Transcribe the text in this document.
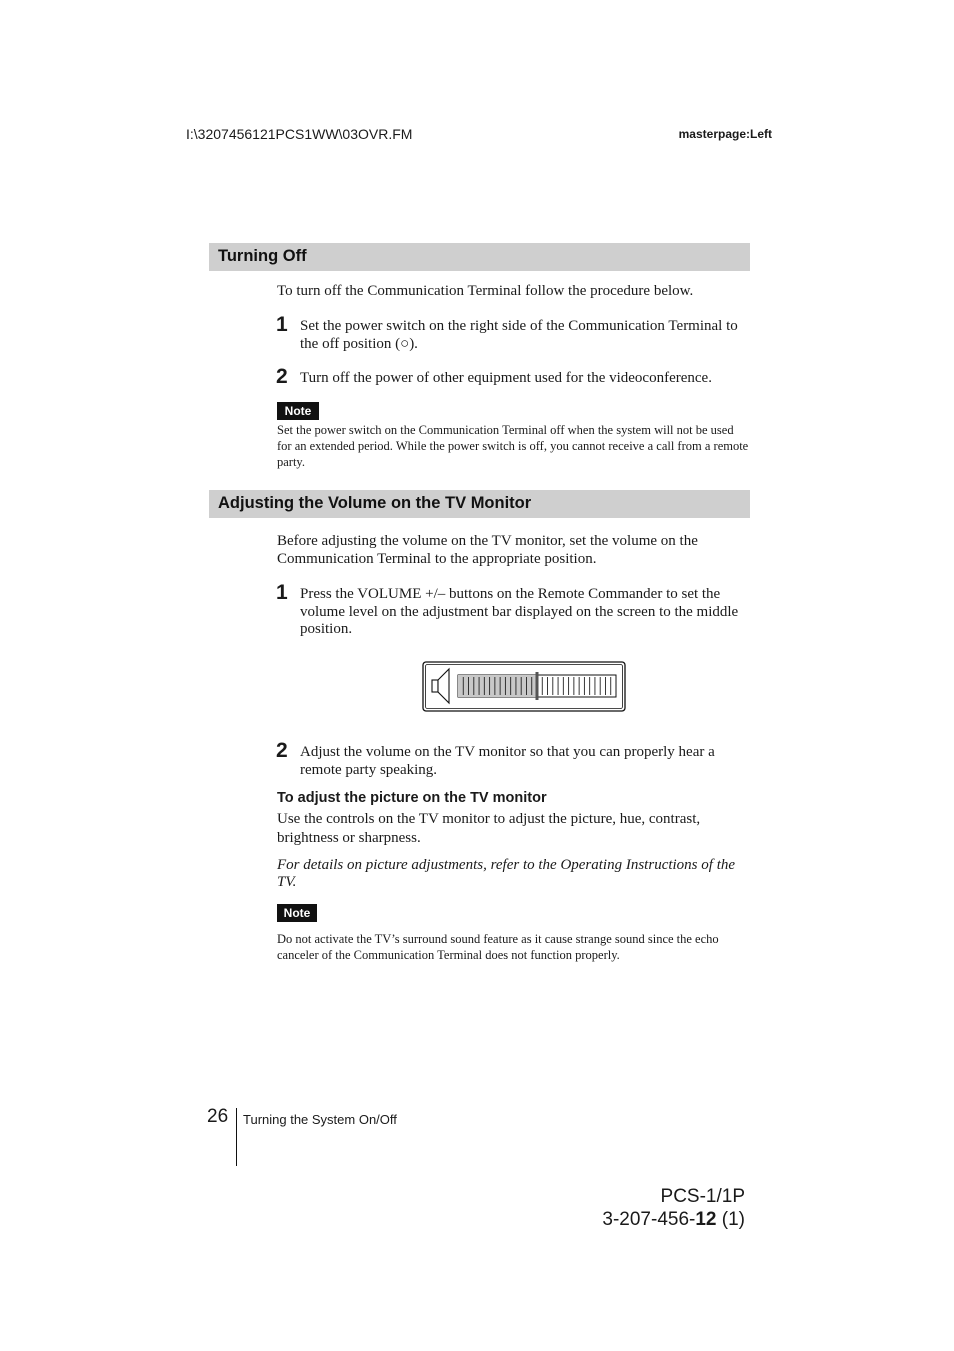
I:\3207456121PCS1WW\03OVR.FM	masterpage:Left
Turning Off
To turn off the Communication Terminal follow the procedure below.
1 Set the power switch on the right side of the Communication Terminal to the off position (○).
2 Turn off the power of other equipment used for the videoconference.
Note
Set the power switch on the Communication Terminal off when the system will not be used for an extended period. While the power switch is off, you cannot receive a call from a remote party.
Adjusting the Volume on the TV Monitor
Before adjusting the volume on the TV monitor, set the volume on the Communication Terminal to the appropriate position.
1 Press the VOLUME +/– buttons on the Remote Commander to set the volume level on the adjustment bar displayed on the screen to the middle position.
2 Adjust the volume on the TV monitor so that you can properly hear a remote party speaking.
To adjust the picture on the TV monitor
Use the controls on the TV monitor to adjust the picture, hue, contrast, brightness or sharpness.
For details on picture adjustments, refer to the Operating Instructions of the TV.
Note
Do not activate the TV’s surround sound feature as it cause strange sound since the echo canceler of the Communication Terminal does not function properly.
26 Turning the System On/Off
PCS-1/1P
3-207-456-12 (1)
